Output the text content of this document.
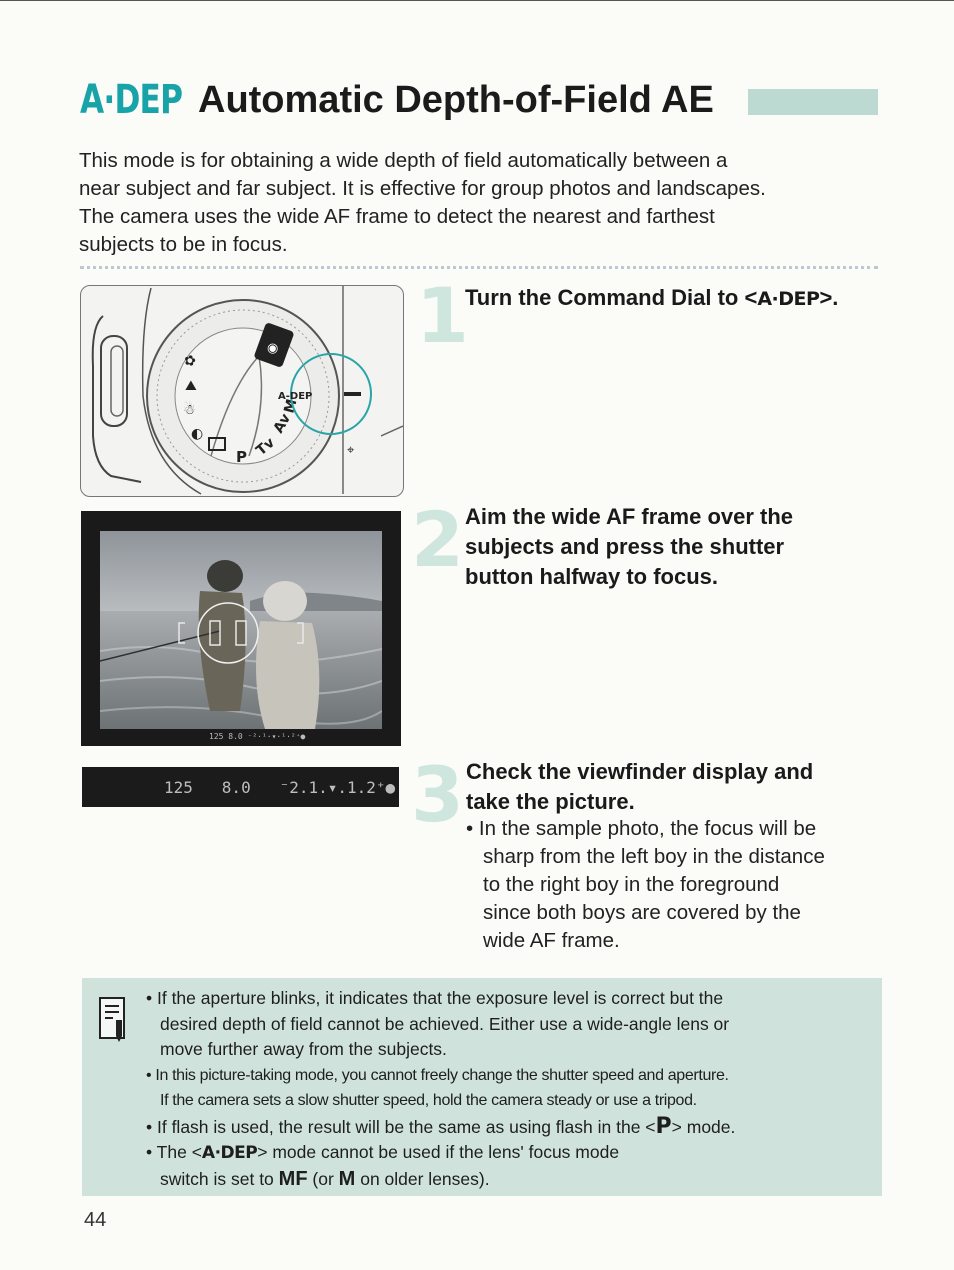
A·DEP Automatic Depth-of-Field AE

This mode is for obtaining a wide depth of field automatically between a

near subject and far subject. It is effective for group photos and landscapes.

The camera uses the wide AF frame to detect the nearest and farthest

subjects to be in focus.

✿
⛰
☃
◐
P Tv
Av
M
◉
A-DEP
⌖
125 8.0 ⁻²·¹·▾·¹·²⁺●
125   8.0   ⁻2.1.▾.1.2⁺●
1
Turn the Command Dial to <A·DEP>.
2 Aim the wide AF frame over the
subjects and press the shutter
button halfway to focus.
3 Check the viewfinder display and
take the picture.
• In the sample photo, the focus will be
sharp from the left boy in the distance
to the right boy in the foreground
since both boys are covered by the
wide AF frame.
• If the aperture blinks, it indicates that the exposure level is correct but the
desired depth of field cannot be achieved. Either use a wide-angle lens or
move further away from the subjects.
• In this picture-taking mode, you cannot freely change the shutter speed and aperture.
If the camera sets a slow shutter speed, hold the camera steady or use a tripod.
• If flash is used, the result will be the same as using flash in the <P> mode.
• The <A·DEP> mode cannot be used if the lens' focus mode
switch is set to MF (or M on older lenses).
44
